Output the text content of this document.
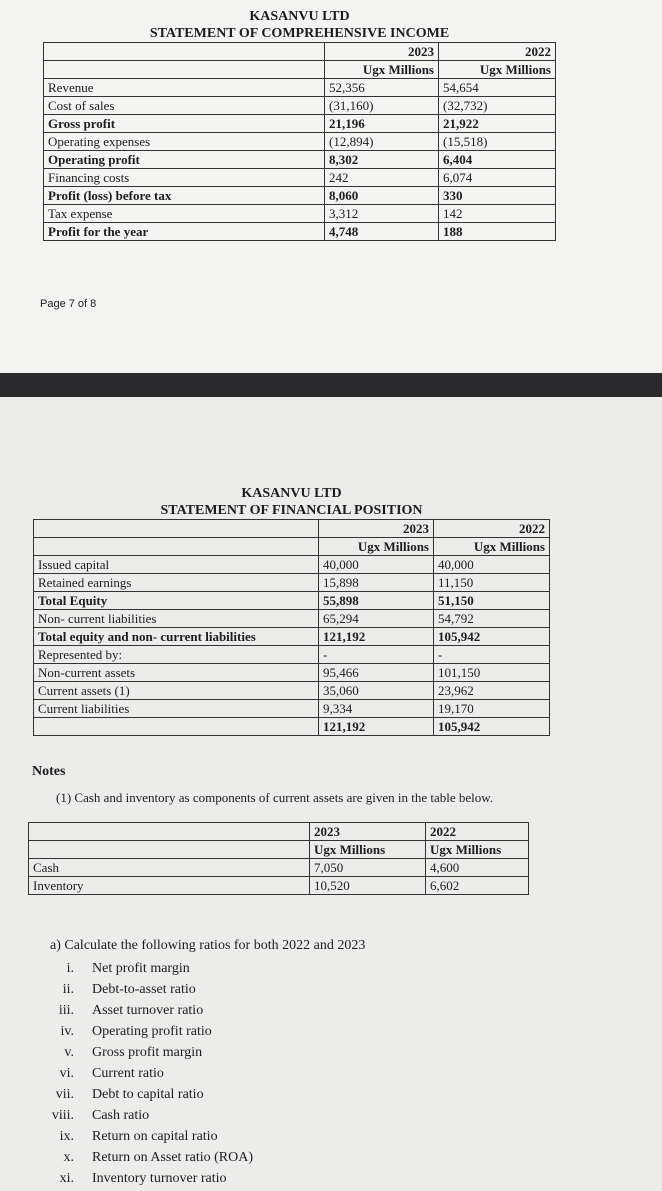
KASANVU LTD		
STATEMENT OF COMPREHENSIVE INCOME		
	2023	2022
	Ugx Millions	Ugx Millions
Revenue	52,356	54,654
Cost of sales	(31,160)	(32,732)
Gross profit	21,196	21,922
Operating expenses	(12,894)	(15,518)
Operating profit	8,302	6,404
Financing costs	242	6,074
Profit (loss) before tax	8,060	330
Tax expense	3,312	142
Profit for the year	4,748	188
Page 7 of 8
KASANVU LTD		
STATEMENT OF FINANCIAL POSITION		
	2023	2022
	Ugx Millions	Ugx Millions
Issued capital	40,000	40,000
Retained earnings	15,898	11,150
Total Equity	55,898	51,150
Non- current liabilities	65,294	54,792
Total equity and non- current liabilities	121,192	105,942
Represented by:	-	-
Non-current assets	95,466	101,150
Current assets (1)	35,060	23,962
Current liabilities	9,334	19,170
	121,192	105,942
Notes
(1) Cash and inventory as components of current assets are given in the table below.
	2023	2022
	Ugx Millions	Ugx Millions
Cash	7,050	4,600
Inventory	10,520	6,602
a) Calculate the following ratios for both 2022 and 2023
i.	Net profit margin
ii.	Debt-to-asset ratio
iii.	Asset turnover ratio
iv.	Operating profit ratio
v.	Gross profit margin
vi.	Current ratio
vii.	Debt to capital ratio
viii.	Cash ratio
ix.	Return on capital ratio
x.	Return on Asset ratio (ROA)
xi.	Inventory turnover ratio
